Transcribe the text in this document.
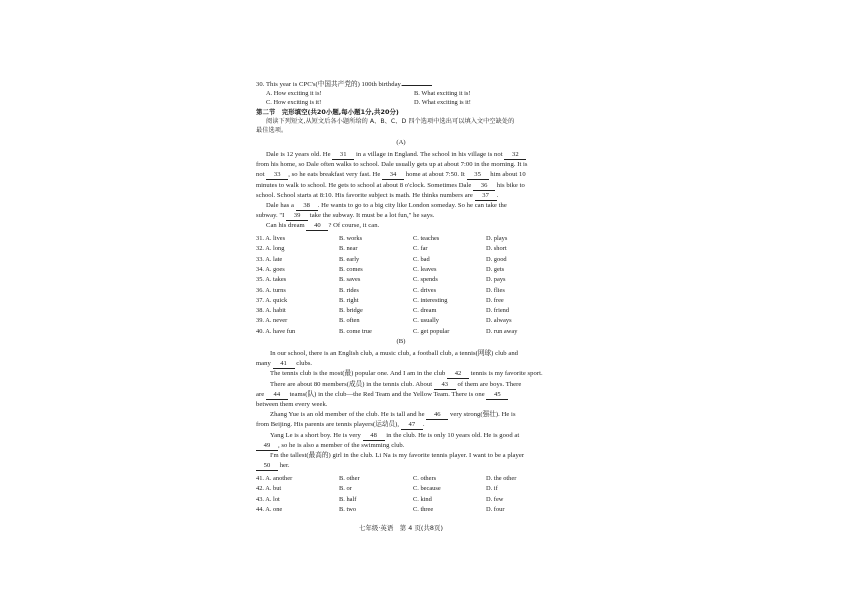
30. This year is CPC's(中国共产党的) 100th birthday.
A. How exciting it is!	B. What exciting it is!
C. How exciting is it!	D. What exciting is it!
第二节　完形填空(共20小题,每小题1分,共20分)
阅读下列短文,从短文后各小题所给的 A、B、C、D 四个选项中选出可以填入文中空缺处的
最佳选项。
(A)
Dale is 12 years old. He 31 in a village in England. The school in his village is not 32
from his home, so Dale often walks to school. Dale usually gets up at about 7:00 in the morning. It is
not 33 , so he eats breakfast very fast. He 34 home at about 7:50. It 35 him about 10
minutes to walk to school. He gets to school at about 8 o'clock. Sometimes Dale 36 his bike to
school. School starts at 8:10. His favorite subject is math. He thinks numbers are 37 .
Dale has a 38 . He wants to go to a big city like London someday. So he can take the
subway. "I 39 take the subway. It must be a lot fun," he says.
Can his dream 40 ? Of course, it can.
31. A. lives	B. works	C. teaches	D. plays
32. A. long	B. near	C. far	D. short
33. A. late	B. early	C. bad	D. good
34. A. goes	B. comes	C. leaves	D. gets
35. A. takes	B. saves	C. spends	D. pays
36. A. turns	B. rides	C. drives	D. flies
37. A. quick	B. right	C. interesting	D. free
38. A. habit	B. bridge	C. dream	D. friend
39. A. never	B. often	C. usually	D. always
40. A. have fun	B. come true	C. get popular	D. run away
(B)
In our school, there is an English club, a music club, a football club, a tennis(网球) club and
many 41 clubs.
The tennis club is the most(最) popular one. And I am in the club 42 tennis is my favorite sport.
There are about 80 members(成员) in the tennis club. About 43 of them are boys. There
are 44 teams(队) in the club—the Red Team and the Yellow Team. There is one 45
between them every week.
Zhang Yue is an old member of the club. He is tall and he 46 very strong(强壮). He is
from Beijing. His parents are tennis players(运动员), 47 .
Yang Le is a short boy. He is very 48 in the club. He is only 10 years old. He is good at
49 , so he is also a member of the swimming club.
I'm the tallest(最高的) girl in the club. Li Na is my favorite tennis player. I want to be a player
50 her.
41. A. another	B. other	C. others	D. the other
42. A. but	B. or	C. because	D. if
43. A. lot	B. half	C. kind	D. few
44. A. one	B. two	C. three	D. four
七年级·英语　第 4 页(共8页)
